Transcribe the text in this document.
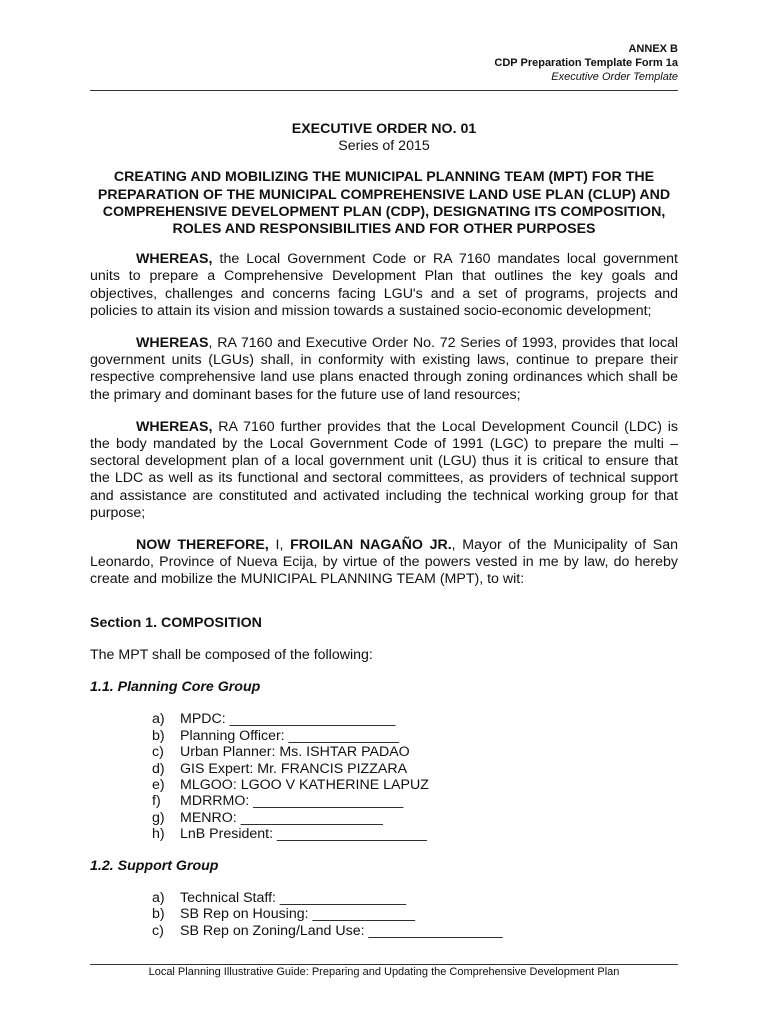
ANNEX B
CDP Preparation Template Form 1a
Executive Order Template
EXECUTIVE ORDER NO. 01
Series of 2015
CREATING AND MOBILIZING THE MUNICIPAL PLANNING TEAM (MPT) FOR THE PREPARATION OF THE MUNICIPAL COMPREHENSIVE LAND USE PLAN (CLUP) AND COMPREHENSIVE DEVELOPMENT PLAN (CDP), DESIGNATING ITS COMPOSITION, ROLES AND RESPONSIBILITIES AND FOR OTHER PURPOSES

WHEREAS, the Local Government Code or RA 7160 mandates local government units to prepare a Comprehensive Development Plan that outlines the key goals and objectives, challenges and concerns facing LGU's and a set of programs, projects and policies to attain its vision and mission towards a sustained socio-economic development;

WHEREAS, RA 7160 and Executive Order No. 72 Series of 1993, provides that local government units (LGUs) shall, in conformity with existing laws, continue to prepare their respective comprehensive land use plans enacted through zoning ordinances which shall be the primary and dominant bases for the future use of land resources;

WHEREAS, RA 7160 further provides that the Local Development Council (LDC) is the body mandated by the Local Government Code of 1991 (LGC) to prepare the multi – sectoral development plan of a local government unit (LGU) thus it is critical to ensure that the LDC as well as its functional and sectoral committees, as providers of technical support and assistance are constituted and activated including the technical working group for that purpose;

NOW THEREFORE, I, FROILAN NAGAÑO JR., Mayor of the Municipality of San Leonardo, Province of Nueva Ecija, by virtue of the powers vested in me by law, do hereby create and mobilize the MUNICIPAL PLANNING TEAM (MPT), to wit:

Section 1. COMPOSITION
The MPT shall be composed of the following:
1.1. Planning Core Group
a)	MPDC: _____________________
b)	Planning Officer: ______________
c)	Urban Planner: Ms. ISHTAR PADAO
d)	GIS Expert: Mr. FRANCIS PIZZARA
e)	MLGOO: LGOO V KATHERINE LAPUZ
f)	MDRRMO: ___________________
g)	MENRO: __________________
h)	LnB President: ___________________
1.2. Support Group
a)	Technical Staff: ________________
b)	SB Rep on Housing: _____________
c)	SB Rep on Zoning/Land Use: _________________
Local Planning Illustrative Guide: Preparing and Updating the Comprehensive Development Plan
